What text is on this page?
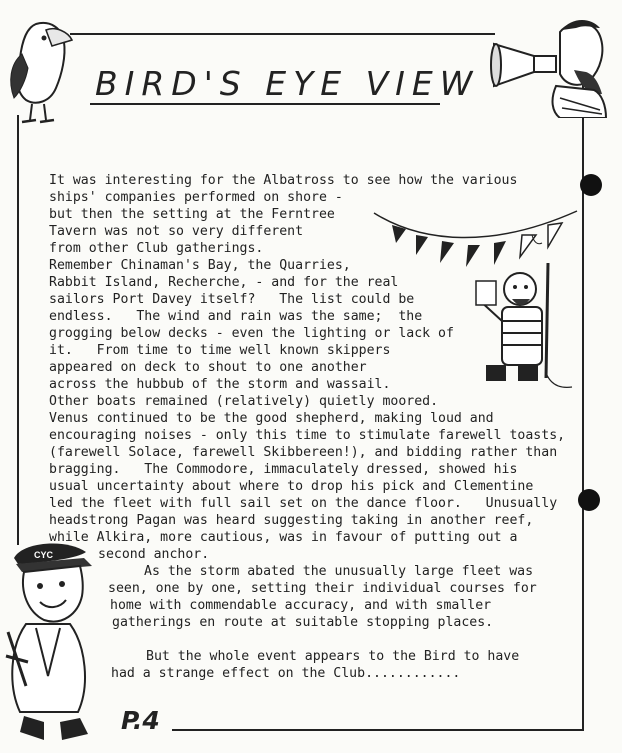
BIRD'S EYE VIEW
CYC

It was interesting for the Albatross to see how the various

ships' companies performed on shore -

but then the setting at the Ferntree

Tavern was not so very different

from other Club gatherings.

Remember Chinaman's Bay, the Quarries,

Rabbit Island, Recherche, - and for the real

sailors Port Davey itself?   The list could be

endless.   The wind and rain was the same;  the

grogging below decks - even the lighting or lack of

it.   From time to time well known skippers

appeared on deck to shout to one another

across the hubbub of the storm and wassail.

Other boats remained (relatively) quietly moored.

Venus continued to be the good shepherd, making loud and

encouraging noises - only this time to stimulate farewell toasts,

(farewell Solace, farewell Skibbereen!), and bidding rather than

bragging.   The Commodore, immaculately dressed, showed his

usual uncertainty about where to drop his pick and Clementine

led the fleet with full sail set on the dance floor.   Unusually

headstrong Pagan was heard suggesting taking in another reef,

while Alkira, more cautious, was in favour of putting out a

second anchor.

As the storm abated the unusually large fleet was

seen, one by one, setting their individual courses for

home with commendable accuracy, and with smaller

gatherings en route at suitable stopping places.

But the whole event appears to the Bird to have

had a strange effect on the Club............

P.4
